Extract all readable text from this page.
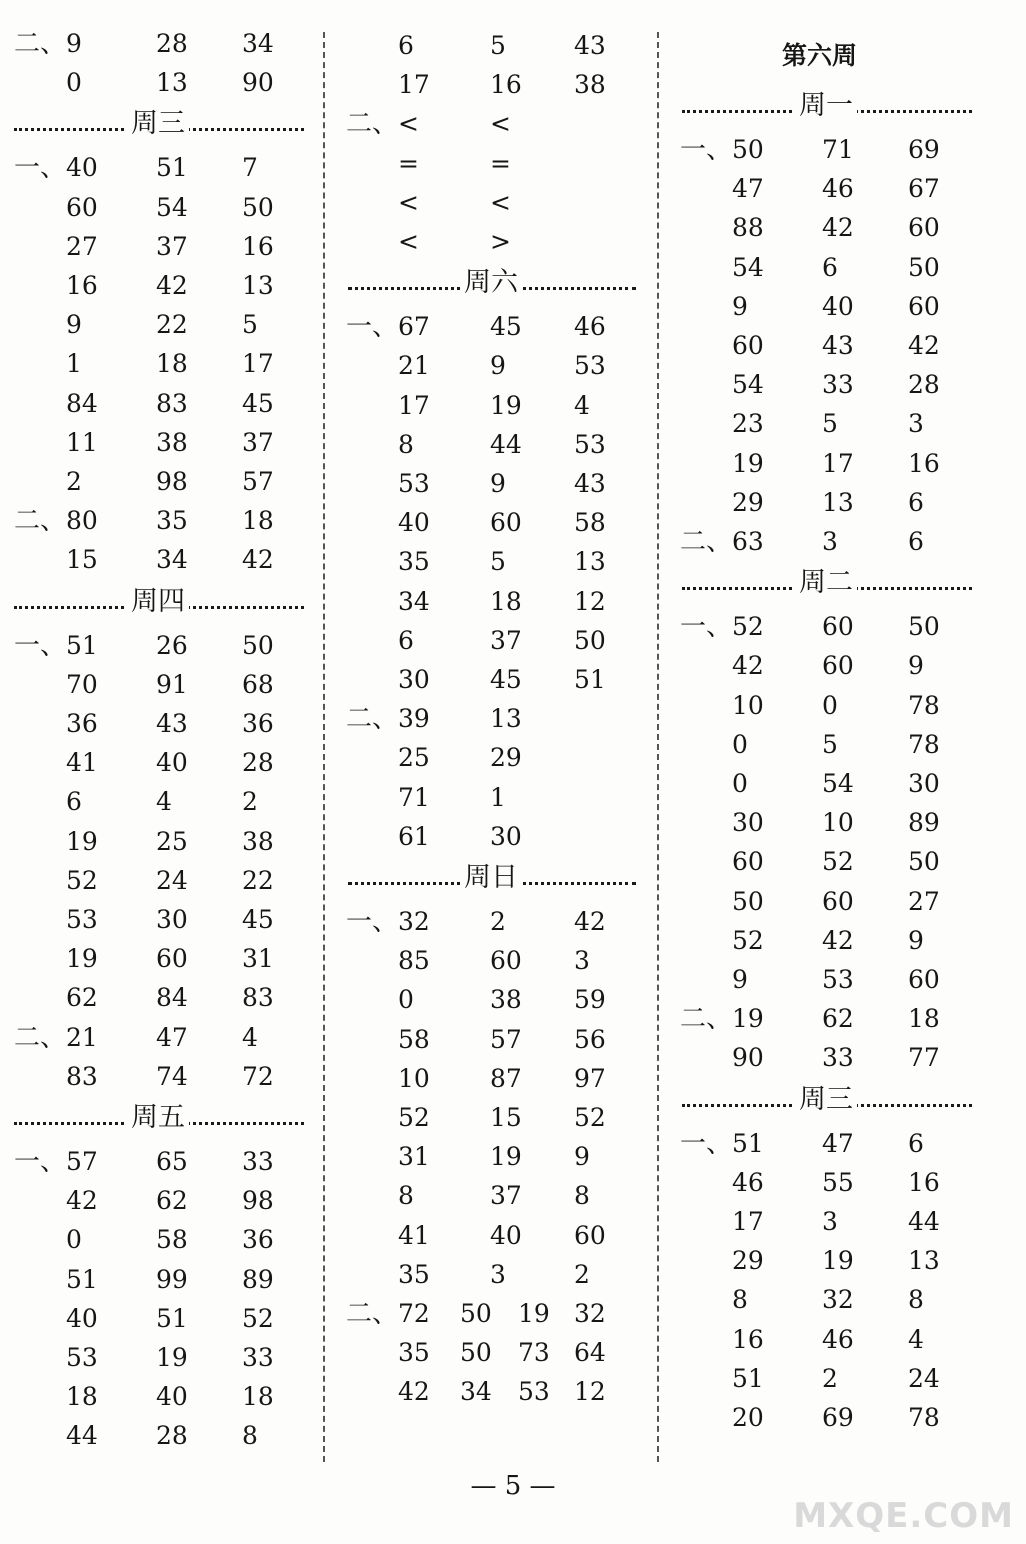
二、 9	28 34
0	13 90
周三
一、 40 51 7
60 54 50
27 37 16
16 42 13
9	22 5
1	18 17
84 83 45
11 38 37
2	98 57
二、 80 35 18
15 34 42
周四
一、 51 26 50
70 91 68
36 43 36
41 40 28
6	4	2
19 25 38
52 24 22
53 30 45
19 60 31
62 84 83
二、 21 47 4
83 74 72
周五
一、 57 65 33
42 62 98
0	58 36
51 99 89
40 51 52
53 19 33
18 40 18
44 28 8
6	5	43
17 16 38
二、 <	<
=	=
<	<
<	>
周六
一、 67 45 46
21 9	53
17 19 4
8	44 53
53 9	43
40 60 58
35 5	13
34 18 12
6	37 50
30 45 51
二、 39 13
25 29
71 1
61 30
周日
一、 32 2	42
85 60 3
0	38 59
58 57 56
10 87 97
52 15 52
31 19 9
8	37 8
41 40 60
35 3	2
二、 72 50 19 32
35 50 73 64
42 34 53 12
第六周
周一
一、 50 71 69
47 46 67
88 42 60
54 6	50
9	40 60
60 43 42
54 33 28
23 5	3
19 17 16
29 13 6
二、 63 3	6
周二
一、 52 60 50
42 60 9
10 0	78
0	5	78
0	54 30
30 10 89
60 52 50
50 60 27
52 42 9
9	53 60
二、 19 62 18
90 33 77
周三
一、 51 47 6
46 55 16
17 3	44
29 19 13
8	32 8
16 46 4
51 2	24
20 69 78
— 5 —
MXQE.COM
